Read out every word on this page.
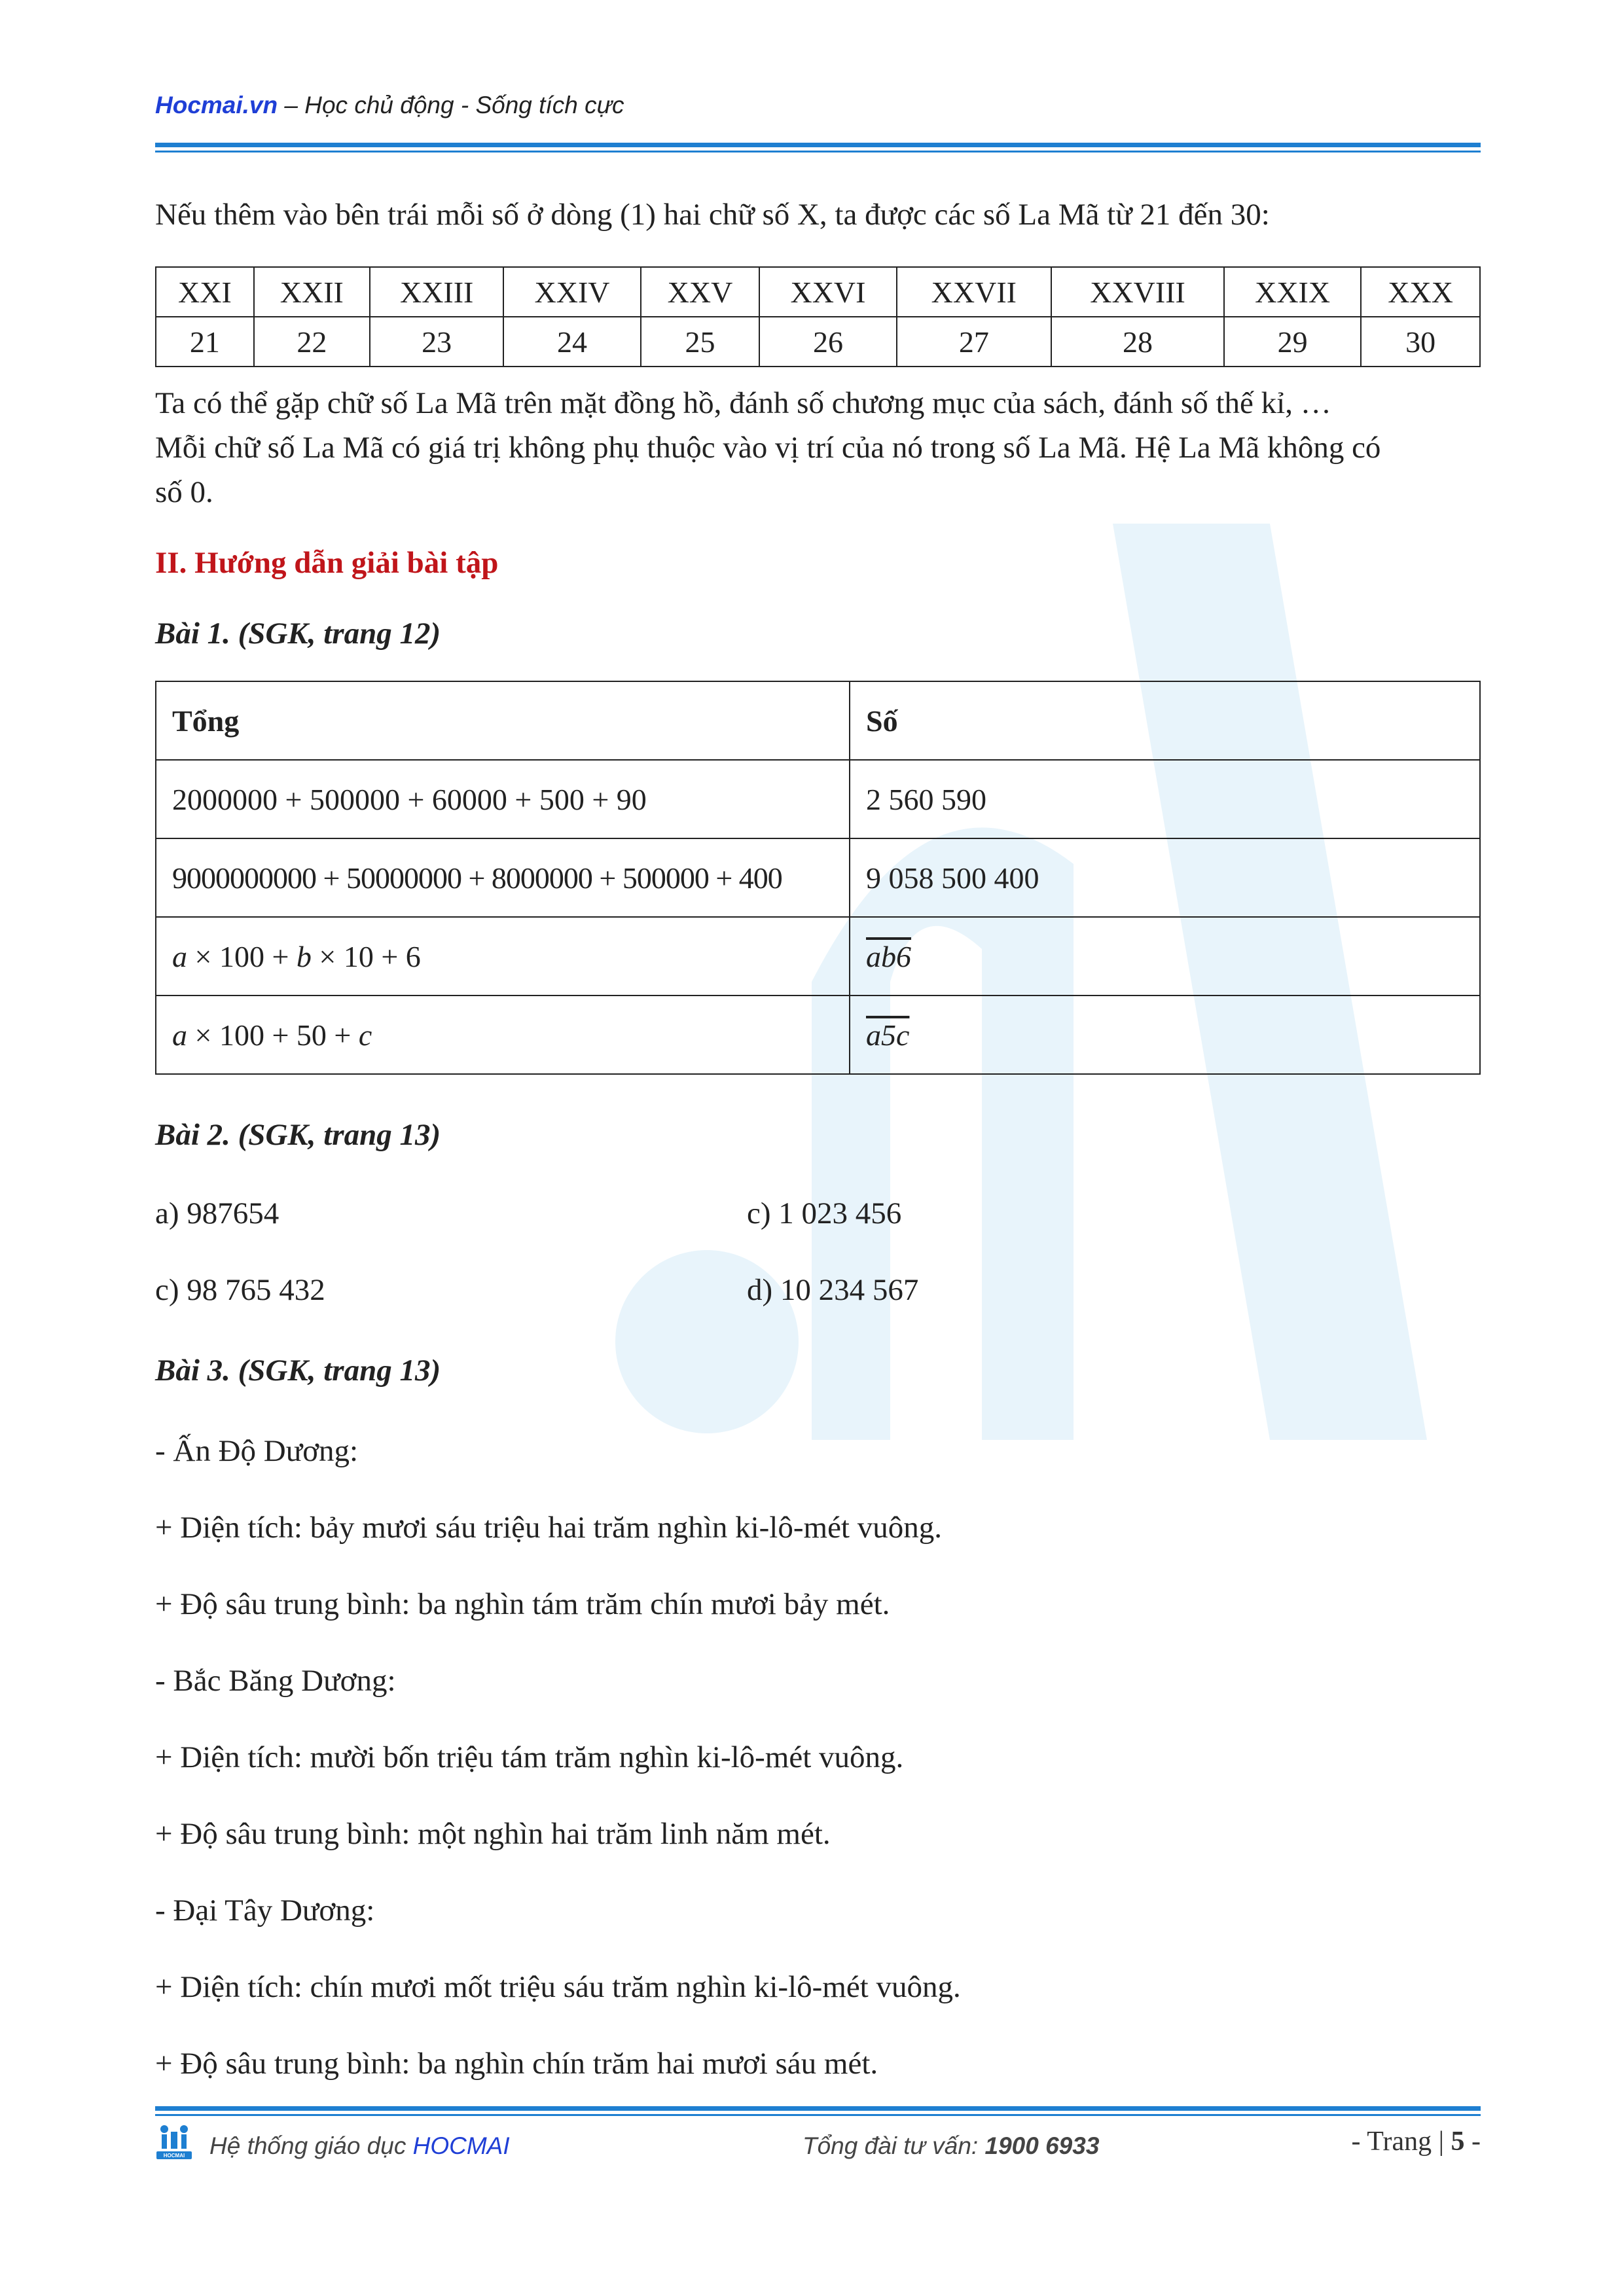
Hocmai.vn – Học chủ động - Sống tích cực
Nếu thêm vào bên trái mỗi số ở dòng (1) hai chữ số X, ta được các số La Mã từ 21 đến 30:
XXI	XXII	XXIII	XXIV	XXV	XXVI	XXVII	XXVIII	XXIX	XXX
21	22	23	24	25	26	27	28	29	30
Ta có thể gặp chữ số La Mã trên mặt đồng hồ, đánh số chương mục của sách, đánh số thế kỉ, …
Mỗi chữ số La Mã có giá trị không phụ thuộc vào vị trí của nó trong số La Mã. Hệ La Mã không có
số 0.
II. Hướng dẫn giải bài tập
Bài 1. (SGK, trang 12)
Tổng	Số
2000000 + 500000 + 60000 + 500 + 90	2 560 590
9000000000 + 50000000 + 8000000 + 500000 + 400	9 058 500 400
a × 100 + b × 10 + 6	ab6
a × 100 + 50 + c	a5c
Bài 2. (SGK, trang 13)
a) 987654	c) 1 023 456
c) 98 765 432	d) 10 234 567
Bài 3. (SGK, trang 13)
- Ấn Độ Dương:
+ Diện tích: bảy mươi sáu triệu hai trăm nghìn ki-lô-mét vuông.
+ Độ sâu trung bình: ba nghìn tám trăm chín mươi bảy mét.
- Bắc Băng Dương:
+ Diện tích: mười bốn triệu tám trăm nghìn ki-lô-mét vuông.
+ Độ sâu trung bình: một nghìn hai trăm linh năm mét.
- Đại Tây Dương:
+ Diện tích: chín mươi mốt triệu sáu trăm nghìn ki-lô-mét vuông.
+ Độ sâu trung bình: ba nghìn chín trăm hai mươi sáu mét.
HOCMAI Hệ thống giáo dục HOCMAI	Tổng đài tư vấn: 1900 6933	- Trang | 5 -
